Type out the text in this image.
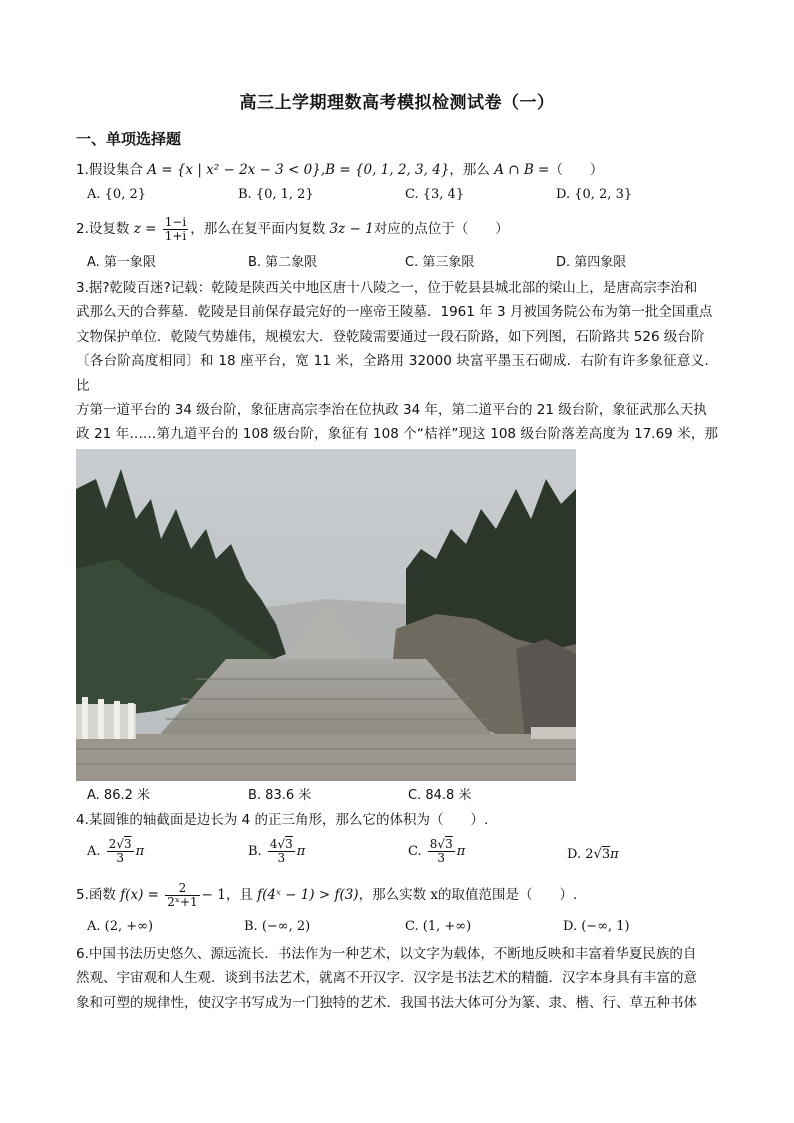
高三上学期理数高考模拟检测试卷（一）
一、单项选择题
1.假设集合 A = {x | x² − 2x − 3 < 0},B = {0, 1, 2, 3, 4}，那么 A ∩ B =（　　）
A. {0, 2}	B. {0, 1, 2}	C. {3, 4}	D. {0, 2, 3}
2.设复数 $z = \frac{1-i}{1+i}$ ，那么在复平面内复数 3z − 1对应的点位于（　　）
A. 第一象限	B. 第二象限	C. 第三象限	D. 第四象限
3.据?乾陵百迷?记载：乾陵是陕西关中地区唐十八陵之一，位于乾县县城北部的梁山上，是唐高宗李治和
武那么天的合葬墓．乾陵是目前保存最完好的一座帝王陵墓．1961 年 3 月被国务院公布为第一批全国重点
文物保护单位．乾陵气势雄伟，规模宏大．登乾陵需要通过一段石阶路，如下列图，石阶路共 526 级台阶
〔各台阶高度相同〕和 18 座平台，宽 11 米，全路用 32000 块富平墨玉石砌成．右阶有许多象征意义．比
方第一道平台的 34 级台阶，象征唐高宗李治在位执政 34 年，第二道平台的 21 级台阶，象征武那么天执
政 21 年……第九道平台的 108 级台阶，象征有 108 个“桔祥”现这 108 级台阶落差高度为 17.69 米，那
A. 86.2 米	B. 83.6 米	C. 84.8 米
4.某圆锥的轴截面是边长为 4 的正三角形，那么它的体积为（　　）.
A. $\frac{2√3}{3}$ π	B. $\frac{4√3}{3}$ π	C. $\frac{8√3}{3}$ π	D. 2√3π
5.函数 $f(x) = \frac{2}{\text{2ˣ+1}} - 1$，且 f(4ˣ − 1) > f(3)，那么实数 x的取值范围是（　　）.
A. (2, +∞)	B. (−∞, 2)	C. (1, +∞)	D. (−∞, 1)
6.中国书法历史悠久、源远流长．书法作为一种艺术，以文字为载体，不断地反映和丰富着华夏民族的自
然观、宇宙观和人生观．谈到书法艺术，就离不开汉字．汉字是书法艺术的精髓．汉字本身具有丰富的意
象和可塑的规律性，使汉字书写成为一门独特的艺术．我国书法大体可分为篆、隶、楷、行、草五种书体
